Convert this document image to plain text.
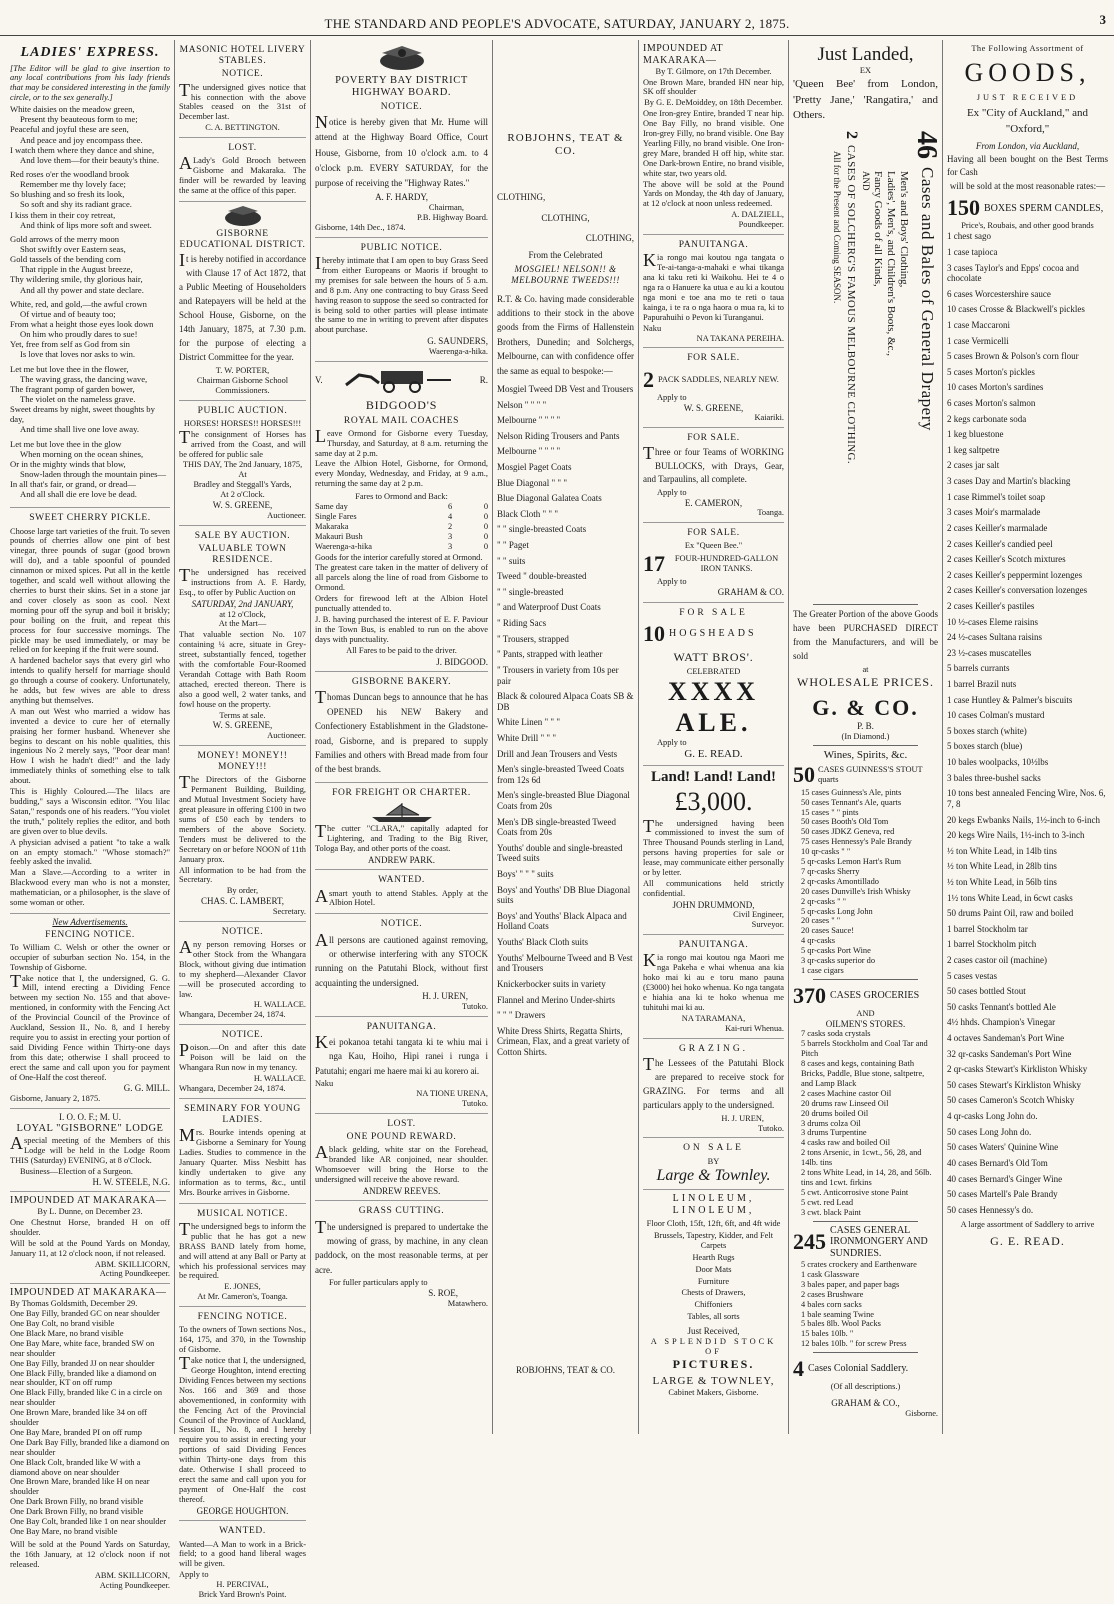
THE STANDARD AND PEOPLE'S ADVOCATE, SATURDAY, JANUARY 2, 1875.	3
LADIES' EXPRESS.

[The Editor will be glad to give insertion to any local contributions from his lady friends that may be considered interesting in the family circle, or to the sex generally.]

White daisies on the meadow green,

Present thy beauteous form to me;

Peaceful and joyful these are seen,

And peace and joy encompass thee.

I watch them where they dance and shine,

And love them—for their beauty's thine.

Red roses o'er the woodland brook

Remember me thy lovely face;

So blushing and so fresh its look,

So soft and shy its radiant grace.

I kiss them in their coy retreat,

And think of lips more soft and sweet.

Gold arrows of the merry moon

Shot swiftly over Eastern seas,

Gold tassels of the bending corn

That ripple in the August breeze,

Thy wildering smile, thy glorious hair,

And all thy power and state declare.

White, red, and gold,—the awful crown

Of virtue and of beauty too;

From what a height those eyes look down

On him who proudly dares to sue!

Yet, free from self as God from sin

Is love that loves nor asks to win.

Let me but love thee in the flower,

The waving grass, the dancing wave,

The fragrant pomp of garden bower,

The violet on the nameless grave.

Sweet dreams by night, sweet thoughts by day,

And time shall live one love away.

Let me but love thee in the glow

When morning on the ocean shines,

Or in the mighty winds that blow,

Snow-laden through the mountain pines—

In all that's fair, or grand, or dread—

And all shall die ere love be dead.

SWEET CHERRY PICKLE.

Choose large tart varieties of the fruit. To seven pounds of cherries allow one pint of best vinegar, three pounds of sugar (good brown will do), and a table spoonful of pounded cinnamon or mixed spices. Put all in the kettle together, and scald well without allowing the cherries to burst their skins. Set in a stone jar and cover closely as soon as cool. Next morning pour off the syrup and boil it briskly; pour boiling on the fruit, and repeat this process for four successive mornings. The pickle may be used immediately, or may be relied on for keeping if the fruit were sound.

A hardened bachelor says that every girl who intends to qualify herself for marriage should go through a course of cookery. Unfortunately, he adds, but few wives are able to dress anything but themselves.

A man out West who married a widow has invented a device to cure her of eternally praising her former husband. Whenever she begins to descant on his noble qualities, this ingenious No 2 merely says, "Poor dear man! How I wish he hadn't died!" and the lady immediately thinks of something else to talk about.

This is Highly Coloured.—The lilacs are budding," says a Wisconsin editor. "You lilac Satan," responds one of his readers. "You violet the truth," politely replies the editor, and both are given over to blue devils.

A physician advised a patient "to take a walk on an empty stomach." "Whose stomach?" feebly asked the invalid.

Man a Slave.—According to a writer in Blackwood every man who is not a monster, mathematician, or a philosopher, is the slave of some woman or other.

New Advertisements.
FENCING NOTICE.

To William C. Welsh or other the owner or occupier of suburban section No. 154, in the Township of Gisborne.

Take notice that I, the undersigned, G. G. Mill, intend erecting a Dividing Fence between my section No. 155 and that above-mentioned, in conformity with the Fencing Act of the Provincial Council of the Province of Auckland, Session II., No. 8, and I hereby require you to assist in erecting your portion of said Dividing Fence within Thirty-one days from this date; otherwise I shall proceed to erect the same and call upon you for payment of One-Half the cost thereof.

G. G. MILL.
Gisborne, January 2, 1875.
I. O. O. F.; M. U.
LOYAL "GISBORNE" LODGE

Aspecial meeting of the Members of this Lodge will be held in the Lodge Room THIS (Saturday) EVENING, at 8 o'Clock.

Business—Election of a Surgeon.
H. W. STEELE, N.G.
IMPOUNDED AT MAKARAKA—
By L. Dunne, on December 23.

One Chestnut Horse, branded H on off shoulder.

Will be sold at the Pound Yards on Monday, January 11, at 12 o'clock noon, if not released.

ABM. SKILLICORN,
Acting Poundkeeper.
IMPOUNDED AT MAKARAKA—
By Thomas Goldsmith, December 29.

One Bay Filly, branded GC on near shoulder

One Bay Colt, no brand visible

One Black Mare, no brand visible

One Bay Mare, white face, branded SW on near shoulder

One Bay Filly, branded JJ on near shoulder

One Black Filly, branded like a diamond on near shoulder, KT on off rump

One Black Filly, branded like C in a circle on near shoulder

One Brown Mare, branded like 34 on off shoulder

One Bay Mare, branded PI on off rump

One Dark Bay Filly, branded like a diamond on near shoulder

One Black Colt, branded like W with a diamond above on near shoulder

One Brown Mare, branded like H on near shoulder

One Dark Brown Filly, no brand visible

One Dark Brown Filly, no brand visible

One Bay Colt, branded like 1 on near shoulder

One Bay Mare, no brand visible

Will be sold at the Pound Yards on Saturday, the 16th January, at 12 o'clock noon if not released.

ABM. SKILLICORN,
Acting Poundkeeper.
MASONIC HOTEL LIVERY STABLES.
NOTICE.

The undersigned gives notice that his connection with the above Stables ceased on the 31st of December last.

C. A. BETTINGTON.
LOST.

ALady's Gold Brooch between Gisborne and Makaraka. The finder will be rewarded by leaving the same at the office of this paper.

GISBORNE EDUCATIONAL DISTRICT.

It is hereby notified in accordance with Clause 17 of Act 1872, that a Public Meeting of Householders and Ratepayers will be held at the School House, Gisborne, on the 14th January, 1875, at 7.30 p.m. for the purpose of electing a District Committee for the year.

T. W. PORTER,
Chairman Gisborne School Commissioners.
PUBLIC AUCTION.
HORSES! HORSES!! HORSES!!!

The consignment of Horses has arrived from the Coast, and will be offered for public sale

THIS DAY, The 2nd January, 1875,
At
Bradley and Steggall's Yards,
At 2 o'Clock.
W. S. GREENE,
Auctioneer.
SALE BY AUCTION.
VALUABLE TOWN RESIDENCE.

The undersigned has received instructions from A. F. Hardy, Esq., to offer by Public Auction on

SATURDAY, 2nd JANUARY,
at 12 o'Clock,
At the Mart—

That valuable section No. 107 containing ¼ acre, situate in Grey-street, substantially fenced, together with the comfortable Four-Roomed Verandah Cottage with Bath Room attached, erected thereon. There is also a good well, 2 water tanks, and fowl house on the property.

Terms at sale.
W. S. GREENE,
Auctioneer.
MONEY! MONEY!! MONEY!!!

The Directors of the Gisborne Permanent Building, Building, and Mutual Investment Society have great pleasure in offering £100 in two sums of £50 each by tenders to members of the above Society. Tenders must be delivered to the Secretary on or before NOON of 11th January prox.

All information to be had from the Secretary.

By order,
CHAS. C. LAMBERT,
Secretary.
NOTICE.

Any person removing Horses or other Stock from the Whangara Block, without giving due intimation to my shepherd—Alexander Clavor—will be prosecuted according to law.

H. WALLACE.
Whangara, December 24, 1874.
NOTICE.

Poison.—On and after this date Poison will be laid on the Whangara Run now in my tenancy.

H. WALLACE.
Whangara, December 24, 1874.
SEMINARY FOR YOUNG LADIES.

Mrs. Bourke intends opening at Gisborne a Seminary for Young Ladies. Studies to commence in the January Quarter. Miss Nesbitt has kindly undertaken to give any information as to terms, &c., until Mrs. Bourke arrives in Gisborne.

MUSICAL NOTICE.

The undersigned begs to inform the public that he has got a new BRASS BAND lately from home, and will attend at any Ball or Party at which his professional services may be required.

E. JONES,
At Mr. Cameron's, Toanga.
FENCING NOTICE.

To the owners of Town sections Nos., 164, 175, and 370, in the Township of Gisborne.

Take notice that I, the undersigned, George Houghton, intend erecting Dividing Fences between my sections Nos. 166 and 369 and those abovementioned, in conformity with the Fencing Act of the Provincial Council of the Province of Auckland, Session II., No. 8, and I hereby require you to assist in erecting your portions of said Dividing Fences within Thirty-one days from this date. Otherwise I shall proceed to erect the same and call upon you for payment of One-Half the cost thereof.

GEORGE HOUGHTON.
WANTED.

Wanted—A Man to work in a Brick-field; to a good hand liberal wages will be given.

Apply to
H. PERCIVAL,
Brick Yard Brown's Point.
POVERTY BAY DISTRICT HIGHWAY BOARD.
NOTICE.

Notice is hereby given that Mr. Hume will attend at the Highway Board Office, Court House, Gisborne, from 10 o'clock a.m. to 4 o'clock p.m. EVERY SATURDAY, for the purpose of receiving the "Highway Rates."

A. F. HARDY,
Chairman,
P.B. Highway Board.
Gisborne, 14th Dec., 1874.
PUBLIC NOTICE.

Ihereby intimate that I am open to buy Grass Seed from either Europeans or Maoris if brought to my premises for sale between the hours of 5 a.m. and 8 p.m. Any one contracting to buy Grass Seed having reason to suppose the seed so contracted for is being sold to other parties will please intimate the same to me in writing to prevent after disputes about purchase.

G. SAUNDERS,
Waerenga-a-hika.
V.	R.
BIDGOOD'S
ROYAL MAIL COACHES

Leave Ormond for Gisborne every Tuesday, Thursday, and Saturday, at 8 a.m. returning the same day at 2 p.m.

Leave the Albion Hotel, Gisborne, for Ormond, every Monday, Wednesday, and Friday, at 9 a.m., returning the same day at 2 p.m.

Fares to Ormond and Back:
Same day	6	0
Single Fares	4	0
Makaraka	2	0
Makauri Bush	3	0
Waerenga-a-hika	3	0

Goods for the interior carefully stored at Ormond.

The greatest care taken in the matter of delivery of all parcels along the line of road from Gisborne to Ormond.

Orders for firewood left at the Albion Hotel punctually attended to.

J. B. having purchased the interest of E. F. Paviour in the Town Bus, is enabled to run on the above days with punctuality.

All Fares to be paid to the driver.

J. BIDGOOD.
GISBORNE BAKERY.

Thomas Duncan begs to announce that he has OPENED his NEW Bakery and Confectionery Establishment in the Gladstone-road, Gisborne, and is prepared to supply Families and others with Bread made from four of the best brands.

FOR FREIGHT OR CHARTER.

The cutter "CLARA," capitally adapted for Lightering, and Trading to the Big River, Tologa Bay, and other ports of the coast.

ANDREW PARK.
WANTED.

Asmart youth to attend Stables. Apply at the Albion Hotel.

NOTICE.

All persons are cautioned against removing, or otherwise interfering with any STOCK running on the Patutahi Block, without first acquainting the undersigned.

H. J. UREN,
Tutoko.
PANUITANGA.

Kei pokanoa tetahi tangata ki te whiu mai i nga Kau, Hoiho, Hipi ranei i runga i Patutahi; engari me haere mai ki au korero ai.

Naku
NA TIONE URENA,
Tutoko.
LOST.
ONE POUND REWARD.

Ablack gelding, white star on the Forehead, branded like AR conjoined, near shoulder. Whomsoever will bring the Horse to the undersigned will receive the above reward.

ANDREW REEVES.
GRASS CUTTING.

The undersigned is prepared to undertake the mowing of grass, by machine, in any clean paddock, on the most reasonable terms, at per acre.

For fuller particulars apply to
S. ROE,
Matawhero.
ROBJOHNS, TEAT & CO.
CLOTHING,
CLOTHING,
CLOTHING,
From the Celebrated
MOSGIEL! NELSON!! & MELBOURNE TWEEDS!!!

R.T. & Co. having made considerable additions to their stock in the above goods from the Firms of Hallenstein Brothers, Dunedin; and Solchergs, Melbourne, can with confidence offer the same as equal to bespoke:—

Mosgiel Tweed DB Vest and Trousers

Nelson " " " "

Melbourne " " " "

Nelson Riding Trousers and Pants

Melbourne " " " "

Mosgiel Paget Coats

Blue Diagonal " " "

Blue Diagonal Galatea Coats

Black Cloth " " "

" " single-breasted Coats

" " Paget

" " suits

Tweed " double-breasted

" " single-breasted

" and Waterproof Dust Coats

" Riding Sacs

" Trousers, strapped

" Pants, strapped with leather

" Trousers in variety from 10s per pair

Black & coloured Alpaca Coats SB & DB

White Linen " " "

White Drill " " "

Drill and Jean Trousers and Vests

Men's single-breasted Tweed Coats from 12s 6d

Men's single-breasted Blue Diagonal Coats from 20s

Men's DB single-breasted Tweed Coats from 20s

Youths' double and single-breasted Tweed suits

Boys' " " " suits

Boys' and Youths' DB Blue Diagonal suits

Boys' and Youths' Black Alpaca and Holland Coats

Youths' Black Cloth suits

Youths' Melbourne Tweed and B Vest and Trousers

Knickerbocker suits in variety

Flannel and Merino Under-shirts

" " " Drawers

White Dress Shirts, Regatta Shirts, Crimean, Flax, and a great variety of Cotton Shirts.

ROBJOHNS, TEAT & CO.
IMPOUNDED AT MAKARAKA—
By T. Gilmore, on 17th December.

One Brown Mare, branded HN near hip, SK off shoulder

By G. E. DeMoiddey, on 18th December.

One Iron-grey Entire, branded T near hip. One Bay Filly, no brand visible. One Iron-grey Filly, no brand visible. One Bay Yearling Filly, no brand visible. One Iron-grey Mare, branded H off hip, white star. One Dark-brown Entire, no brand visible, white star, two years old.

The above will be sold at the Pound Yards on Monday, the 4th day of January, at 12 o'clock at noon unless redeemed.

A. DALZIELL,
Poundkeeper.
PANUITANGA.

Kia rongo mai koutou nga tangata o Te-ai-tanga-a-mahaki e whai tikanga ana ki taku reti ki Waikohu. Hei te 4 o nga ra o Hanuere ka utua e au ki a koutou nga moni e toe ana mo te reti o taua kainga, i te ra o nga haora o mua ra, ki to Papurahuihi o Pevon ki Turanganui.

Naku
NA TAKANA PEREIHA.
FOR SALE.
2 PACK SADDLES, NEARLY NEW.
Apply to
W. S. GREENE,
Kaiariki.
FOR SALE.

Three or four Teams of WORKING BULLOCKS, with Drays, Gear, and Tarpaulins, all complete.

Apply to
E. CAMERON,
Toanga.
FOR SALE.
Ex "Queen Bee."
17	FOUR-HUNDRED-GALLON IRON TANKS.
Apply to
GRAHAM & CO.
FOR SALE
10 HOGSHEADS
WATT BROS'.
CELEBRATED
XXXX ALE.
Apply to
G. E. READ.
Land! Land! Land!
£3,000.

The undersigned having been commissioned to invest the sum of Three Thousand Pounds sterling in Land, persons having properties for sale or lease, may communicate either personally or by letter.

All communications held strictly confidential.

JOHN DRUMMOND,
Civil Engineer,
Surveyor.
PANUITANGA.

Kia rongo mai koutou nga Maori me nga Pakeha e whai whenua ana kia hoko mai ki au e toru mano pauna (£3000) hei hoko whenua. Ko nga tangata e hiahia ana ki te hoko whenua me tuhituhi mai ki au.

NA TARAMANA,
Kai-ruri Whenua.
GRAZING.

The Lessees of the Patutahi Block are prepared to receive stock for GRAZING. For terms and all particulars apply to the undersigned.

H. J. UREN,
Tutoko.
ON SALE
BY
Large & Townley.
LINOLEUM, LINOLEUM,

Floor Cloth, 15ft, 12ft, 6ft, and 4ft wide

Brussels, Tapestry, Kidder, and Felt Carpets

Hearth Rugs

Door Mats

Furniture

Chests of Drawers,

Chiffoniers

Tables, all sorts

Just Received,
A SPLENDID STOCK OF
PICTURES.
LARGE & TOWNLEY,
Cabinet Makers, Gisborne.
Just Landed,
EX

'Queen Bee' from London, 'Pretty Jane,' 'Rangatira,' and Others.

46
Cases and Bales of General Drapery
Men's and Boys' Clothing,
Ladies', Men's, and Children's Boots, &c.,
Fancy Goods of all Kinds,
AND
2
CASES OF SOLCHERG'S FAMOUS MELBOURNE CLOTHING.
All for the Present and Coming SEASON.

The Greater Portion of the above Goods have been PURCHASED DIRECT from the Manufacturers, and will be sold

at
WHOLESALE PRICES.
G. & CO.
P. B.
(In Diamond.)
Wines, Spirits, &c.
50 CASES GUINNESS'S STOUT quarts

15 cases Guinness's Ale, pints

50 cases Tennant's Ale, quarts

15 cases " " pints

50 cases Booth's Old Tom

50 cases JDKZ Geneva, red

75 cases Hennessy's Pale Brandy

10 qr-casks " "

5 qr-casks Lemon Hart's Rum

7 qr-casks Sherry

2 qr-casks Amontillado

20 cases Dunville's Irish Whisky

2 qr-casks " "

5 qr-casks Long John

20 cases " "

20 cases Sauce!

4 qr-casks

5 qr-casks Port Wine

3 qr-casks superior do

1 case cigars

370 CASES GROCERIES
AND
OILMEN'S STORES.

7 casks soda crystals

5 barrels Stockholm and Coal Tar and Pitch

8 cases and kegs, containing Bath Bricks, Paddle, Blue stone, saltpetre, and Lamp Black

2 cases Machine castor Oil

20 drums raw Linseed Oil

20 drums boiled Oil

3 drums colza Oil

3 drums Turpentine

4 casks raw and boiled Oil

2 tons Arsenic, in 1cwt., 56, 28, and 14lb. tins

2 tons White Lead, in 14, 28, and 56lb. tins and 1cwt. firkins

5 cwt. Anticorrosive stone Paint

5 cwt. red Lead

3 cwt. black Paint

245 CASES GENERAL IRONMONGERY AND SUNDRIES.

5 crates crockery and Earthenware

1 cask Glassware

3 bales paper, and paper bags

2 cases Brushware

4 bales corn sacks

1 bale seaming Twine

5 bales 8lb. Wool Packs

15 bales 10lb. "

12 bales 10lb. " for screw Press

4 Cases Colonial Saddlery.
(Of all descriptions.)
GRAHAM & CO.,
Gisborne.
The Following Assortment of
GOODS,
JUST RECEIVED
Ex "City of Auckland," and "Oxford,"
From London, via Auckland,

Having all been bought on the Best Terms for Cash

will be sold at the most reasonable rates:—

150 BOXES SPERM CANDLES,
Price's, Roubais, and other good brands

1 chest sago

1 case tapioca

3 cases Taylor's and Epps' cocoa and chocolate

6 cases Worcestershire sauce

10 cases Crosse & Blackwell's pickles

1 case Maccaroni

1 case Vermicelli

5 cases Brown & Polson's corn flour

5 cases Morton's pickles

10 cases Morton's sardines

6 cases Morton's salmon

2 kegs carbonate soda

1 keg bluestone

1 keg saltpetre

2 cases jar salt

3 cases Day and Martin's blacking

1 case Rimmel's toilet soap

3 cases Moir's marmalade

2 cases Keiller's marmalade

2 cases Keiller's candied peel

2 cases Keiller's Scotch mixtures

2 cases Keiller's peppermint lozenges

2 cases Keiller's conversation lozenges

2 cases Keiller's pastiles

10 ½-cases Eleme raisins

24 ½-cases Sultana raisins

23 ½-cases muscatelles

5 barrels currants

1 barrel Brazil nuts

1 case Huntley & Palmer's biscuits

10 cases Colman's mustard

5 boxes starch (white)

5 boxes starch (blue)

10 bales woolpacks, 10½lbs

3 bales three-bushel sacks

10 tons best annealed Fencing Wire, Nos. 6, 7, 8

20 kegs Ewbanks Nails, 1½-inch to 6-inch

20 kegs Wire Nails, 1½-inch to 3-inch

½ ton White Lead, in 14lb tins

½ ton White Lead, in 28lb tins

½ ton White Lead, in 56lb tins

1½ tons White Lead, in 6cwt casks

50 drums Paint Oil, raw and boiled

1 barrel Stockholm tar

1 barrel Stockholm pitch

2 cases castor oil (machine)

5 cases vestas

50 cases bottled Stout

50 casks Tennant's bottled Ale

4½ hhds. Champion's Vinegar

4 octaves Sandeman's Port Wine

32 qr-casks Sandeman's Port Wine

2 qr-casks Stewart's Kirkliston Whisky

50 cases Stewart's Kirkliston Whisky

50 cases Cameron's Scotch Whisky

4 qr-casks Long John do.

50 cases Long John do.

50 cases Waters' Quinine Wine

40 cases Bernard's Old Tom

40 cases Bernard's Ginger Wine

50 cases Martell's Pale Brandy

50 cases Hennessy's do.

A large assortment of Saddlery to arrive
G. E. READ.
